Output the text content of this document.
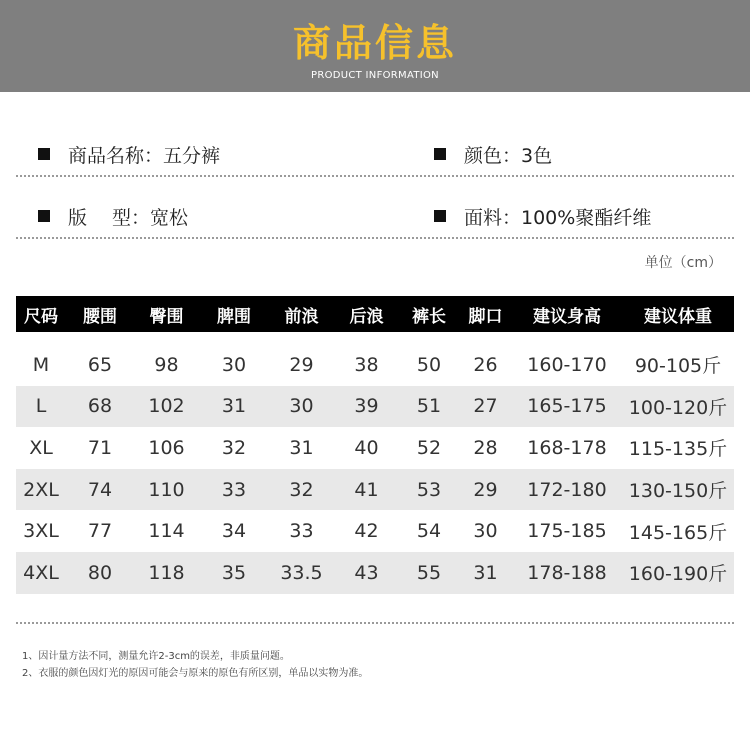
商品信息
PRODUCT INFORMATION
商品名称：五分裤	颜色：3色
版　 型：宽松	面料：100%聚酯纤维
单位（cm）
尺码	腰围	臀围	脾围	前浪	后浪	裤长	脚口	建议身高	建议体重
M	65	98	30	29	38	50	26	160-170	90-105斤
L	68	102	31	30	39	51	27	165-175	100-120斤
XL	71	106	32	31	40	52	28	168-178	115-135斤
2XL	74	110	33	32	41	53	29	172-180	130-150斤
3XL	77	114	34	33	42	54	30	175-185	145-165斤
4XL	80	118	35	33.5	43	55	31	178-188	160-190斤
1、因计量方法不同，测量允许2-3cm的误差，非质量问题。
2、衣服的颜色因灯光的原因可能会与原来的原色有所区别，单品以实物为准。
